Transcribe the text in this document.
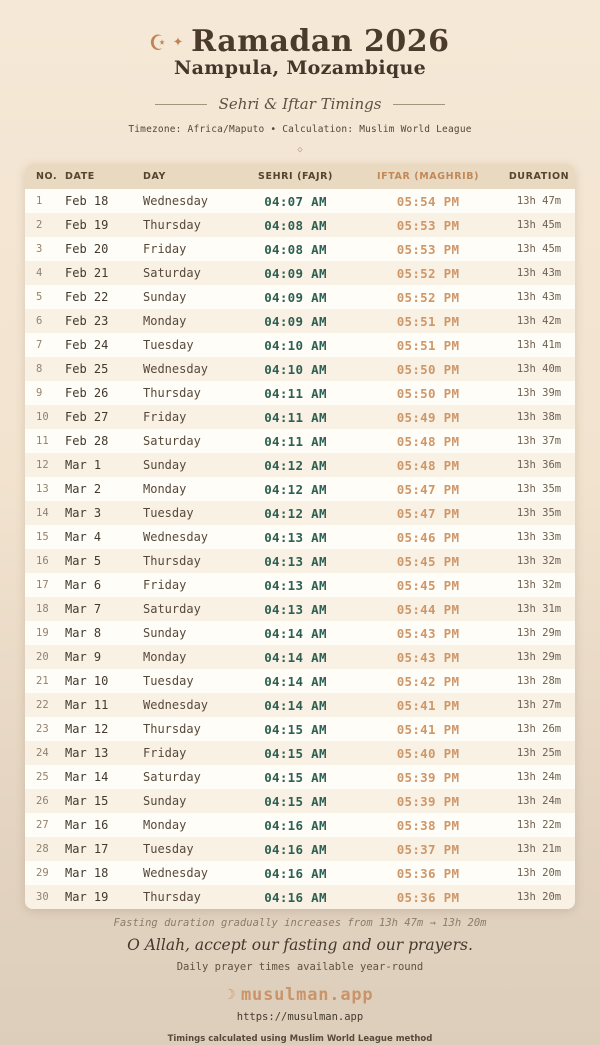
☪ ✦ Ramadan 2026
Nampula, Mozambique
Sehri & Iftar Timings
Timezone: Africa/Maputo • Calculation: Muslim World League
◇
NO. DATE	DAY	SEHRI (FAJR)	IFTAR (MAGHRIB)	DURATION
1	Feb 18	Wednesday	04:07 AM	05:54 PM	13h 47m
2	Feb 19	Thursday	04:08 AM	05:53 PM	13h 45m
3	Feb 20	Friday	04:08 AM	05:53 PM	13h 45m
4	Feb 21	Saturday	04:09 AM	05:52 PM	13h 43m
5	Feb 22	Sunday	04:09 AM	05:52 PM	13h 43m
6	Feb 23	Monday	04:09 AM	05:51 PM	13h 42m
7	Feb 24	Tuesday	04:10 AM	05:51 PM	13h 41m
8	Feb 25	Wednesday	04:10 AM	05:50 PM	13h 40m
9	Feb 26	Thursday	04:11 AM	05:50 PM	13h 39m
10	Feb 27	Friday	04:11 AM	05:49 PM	13h 38m
11	Feb 28	Saturday	04:11 AM	05:48 PM	13h 37m
12	Mar 1	Sunday	04:12 AM	05:48 PM	13h 36m
13	Mar 2	Monday	04:12 AM	05:47 PM	13h 35m
14	Mar 3	Tuesday	04:12 AM	05:47 PM	13h 35m
15	Mar 4	Wednesday	04:13 AM	05:46 PM	13h 33m
16	Mar 5	Thursday	04:13 AM	05:45 PM	13h 32m
17	Mar 6	Friday	04:13 AM	05:45 PM	13h 32m
18	Mar 7	Saturday	04:13 AM	05:44 PM	13h 31m
19	Mar 8	Sunday	04:14 AM	05:43 PM	13h 29m
20	Mar 9	Monday	04:14 AM	05:43 PM	13h 29m
21	Mar 10	Tuesday	04:14 AM	05:42 PM	13h 28m
22	Mar 11	Wednesday	04:14 AM	05:41 PM	13h 27m
23	Mar 12	Thursday	04:15 AM	05:41 PM	13h 26m
24	Mar 13	Friday	04:15 AM	05:40 PM	13h 25m
25	Mar 14	Saturday	04:15 AM	05:39 PM	13h 24m
26	Mar 15	Sunday	04:15 AM	05:39 PM	13h 24m
27	Mar 16	Monday	04:16 AM	05:38 PM	13h 22m
28	Mar 17	Tuesday	04:16 AM	05:37 PM	13h 21m
29	Mar 18	Wednesday	04:16 AM	05:36 PM	13h 20m
30	Mar 19	Thursday	04:16 AM	05:36 PM	13h 20m
Fasting duration gradually increases from 13h 47m → 13h 20m
O Allah, accept our fasting and our prayers.
Daily prayer times available year-round
☾ musulman.app
https://musulman.app
Timings calculated using Muslim World League method
